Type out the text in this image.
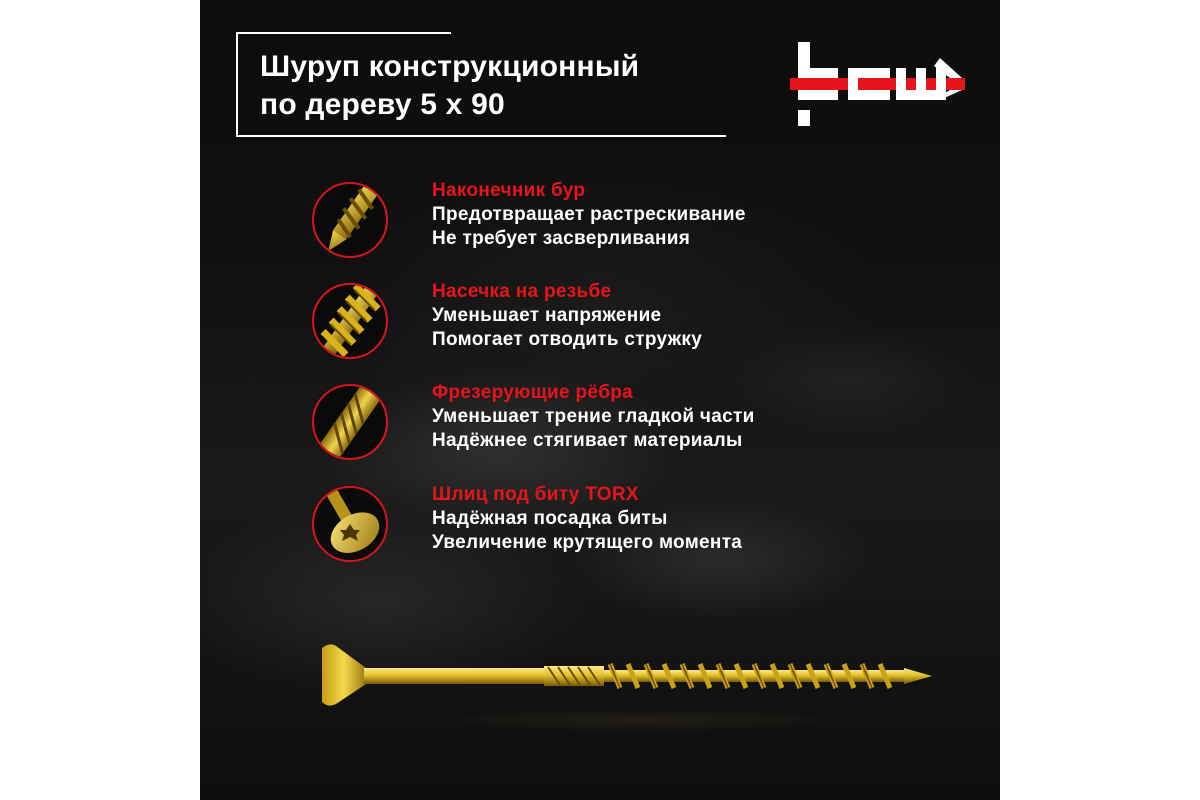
Шуруп конструкционный
по дереву 5 х 90
Наконечник бур
Предотвращает растрескивание
Не требует засверливания
Насечка на резьбе
Уменьшает напряжение
Помогает отводить стружку
Фрезерующие рёбра
Уменьшает трение гладкой части
Надёжнее стягивает материалы
Шлиц под биту TORX
Надёжная посадка биты
Увеличение крутящего момента
